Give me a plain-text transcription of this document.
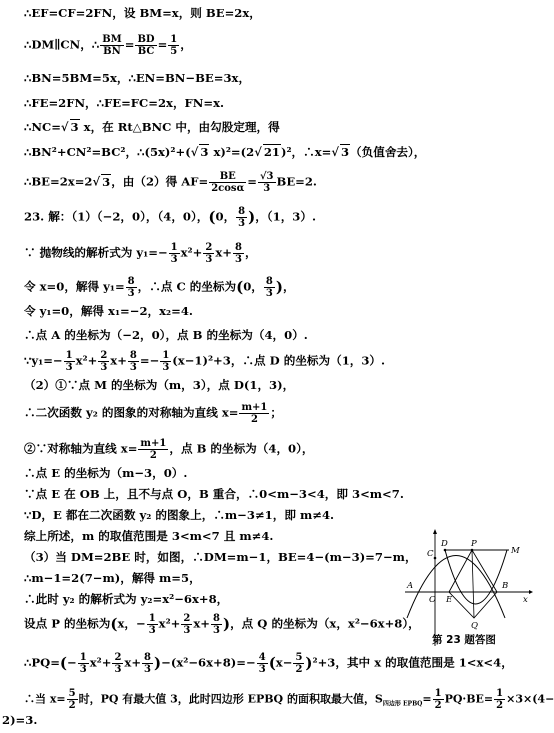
∴EF=CF=2FN，设 BM=x，则 BE=2x，
∴DM∥CN，∴ $\frac{BM}{BN} = \frac{BD}{BC} = \frac{1}{5}$ ，
∴BN=5BM=5x，∴EN=BN−BE=3x，
∴FE=2FN，∴FE=FC=2x，FN=x.
∴NC=√ 3 x，在 Rt△BNC 中，由勾股定理，得
∴BN²+CN²=BC²，∴(5x)²+(√ 3 x)²=(2√ 21)²，∴x=√ 3（负值舍去），
∴BE=2x=2√ 3，由（2）得 $AF= \frac{BE}{2\cos\alpha} = \frac{√3}{3} BE=2$.
23. 解：（1）（−2，0），（4，0），(0， $\frac{8}{3}$ )，（1，3）.
∵ 抛物线的解析式为 $y_1=- \frac{1}{3} x^2+ \frac{2}{3} x+ \frac{8}{3}$ ，
令 x=0，解得 $y_1= \frac{8}{3}$ ，∴点 C 的坐标为(0， $\frac{8}{3}$ )，
令 y₁=0，解得 x₁=−2，x₂=4.
∴点 A 的坐标为（−2，0），点 B 的坐标为（4，0）.
∵y₁=− $\frac{1}{3} x^2+ \frac{2}{3} x+ \frac{8}{3} =- \frac{1}{3} (x-1)^2+3$，∴点 D 的坐标为（1，3）.
（2）①∵点 M 的坐标为（m，3），点 D(1，3)，
∴二次函数 y₂ 的图象的对称轴为直线 $x= \frac{m+1}{2}$ ；
②∵对称轴为直线 $x= \frac{m+1}{2}$ ，点 B 的坐标为（4，0），
∴点 E 的坐标为（m−3，0）.
∵点 E 在 OB 上，且不与点 O，B 重合，∴0<m−3<4，即 3<m<7.
∵D，E 都在二次函数 y₂ 的图象上，∴m−3≠1，即 m≠4.
综上所述，m 的取值范围是 3<m<7 且 m≠4.
（3）当 DM=2BE 时，如图，∴DM=m−1，BE=4−(m−3)=7−m，
∴m−1=2(7−m)，解得 m=5，
∴此时 y₂ 的解析式为 y₂=x²−6x+8，
设点 P 的坐标为(x，− $\frac{1}{3} x^2+ \frac{2}{3} x+ \frac{8}{3}$ )，点 Q 的坐标为（x，x²−6x+8），
∴PQ=(− $\frac{1}{3} x^2+ \frac{2}{3} x+ \frac{8}{3} )-(x^2-6x+8)=- \frac{4}{3} (x- \frac{5}{2} )^2+3$，其中 x 的取值范围是 1<x<4，
∴当 $x= \frac{5}{2}$ 时，PQ 有最大值 3，此时四边形 EPBQ 的面积取最大值，$S_{四边形 EPBQ}= \frac{1}{2} PQ\cdot BE= \frac{1}{2} \times 3\times(4-$
2)=3.
C
D	P
M
A
O E
B
Q
x
第 23 题答图
